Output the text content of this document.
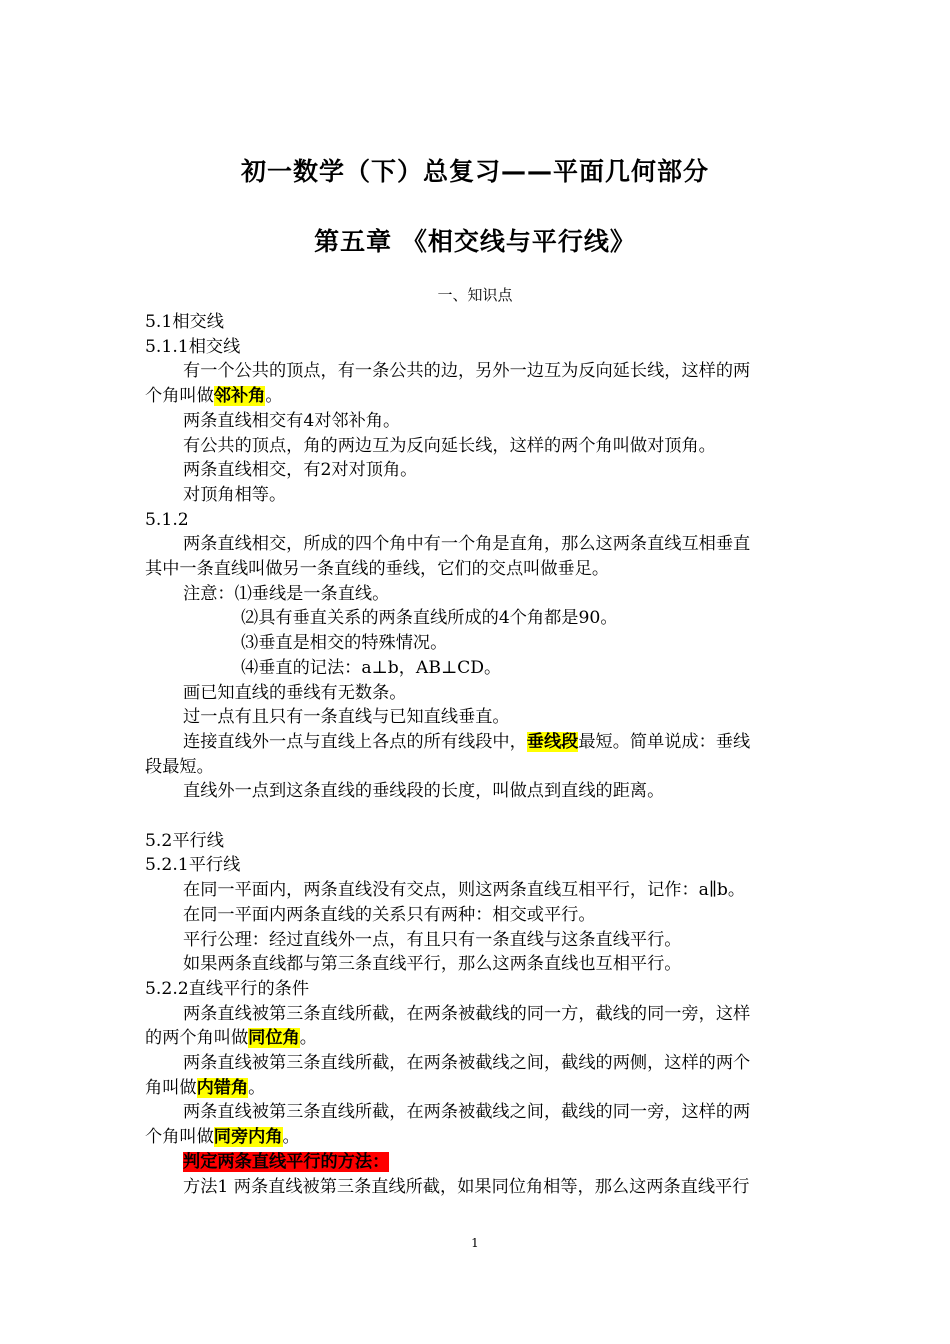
初一数学（下）总复习——平面几何部分
第五章 《相交线与平行线》
一、知识点
5.1相交线
5.1.1相交线
有一个公共的顶点，有一条公共的边，另外一边互为反向延长线，这样的两
个角叫做邻补角。
两条直线相交有4对邻补角。
有公共的顶点，角的两边互为反向延长线，这样的两个角叫做对顶角。
两条直线相交，有2对对顶角。
对顶角相等。
5.1.2
两条直线相交，所成的四个角中有一个角是直角，那么这两条直线互相垂直
其中一条直线叫做另一条直线的垂线，它们的交点叫做垂足。
注意：⑴垂线是一条直线。
⑵具有垂直关系的两条直线所成的4个角都是90。
⑶垂直是相交的特殊情况。
⑷垂直的记法：a⊥b，AB⊥CD。
画已知直线的垂线有无数条。
过一点有且只有一条直线与已知直线垂直。
连接直线外一点与直线上各点的所有线段中，垂线段最短。简单说成：垂线
段最短。
直线外一点到这条直线的垂线段的长度，叫做点到直线的距离。
5.2平行线
5.2.1平行线
在同一平面内，两条直线没有交点，则这两条直线互相平行，记作：a∥b。
在同一平面内两条直线的关系只有两种：相交或平行。
平行公理：经过直线外一点，有且只有一条直线与这条直线平行。
如果两条直线都与第三条直线平行，那么这两条直线也互相平行。
5.2.2直线平行的条件
两条直线被第三条直线所截，在两条被截线的同一方，截线的同一旁，这样
的两个角叫做同位角。
两条直线被第三条直线所截，在两条被截线之间，截线的两侧，这样的两个
角叫做内错角。
两条直线被第三条直线所截，在两条被截线之间，截线的同一旁，这样的两
个角叫做同旁内角。
判定两条直线平行的方法：
方法1 两条直线被第三条直线所截，如果同位角相等，那么这两条直线平行
1
